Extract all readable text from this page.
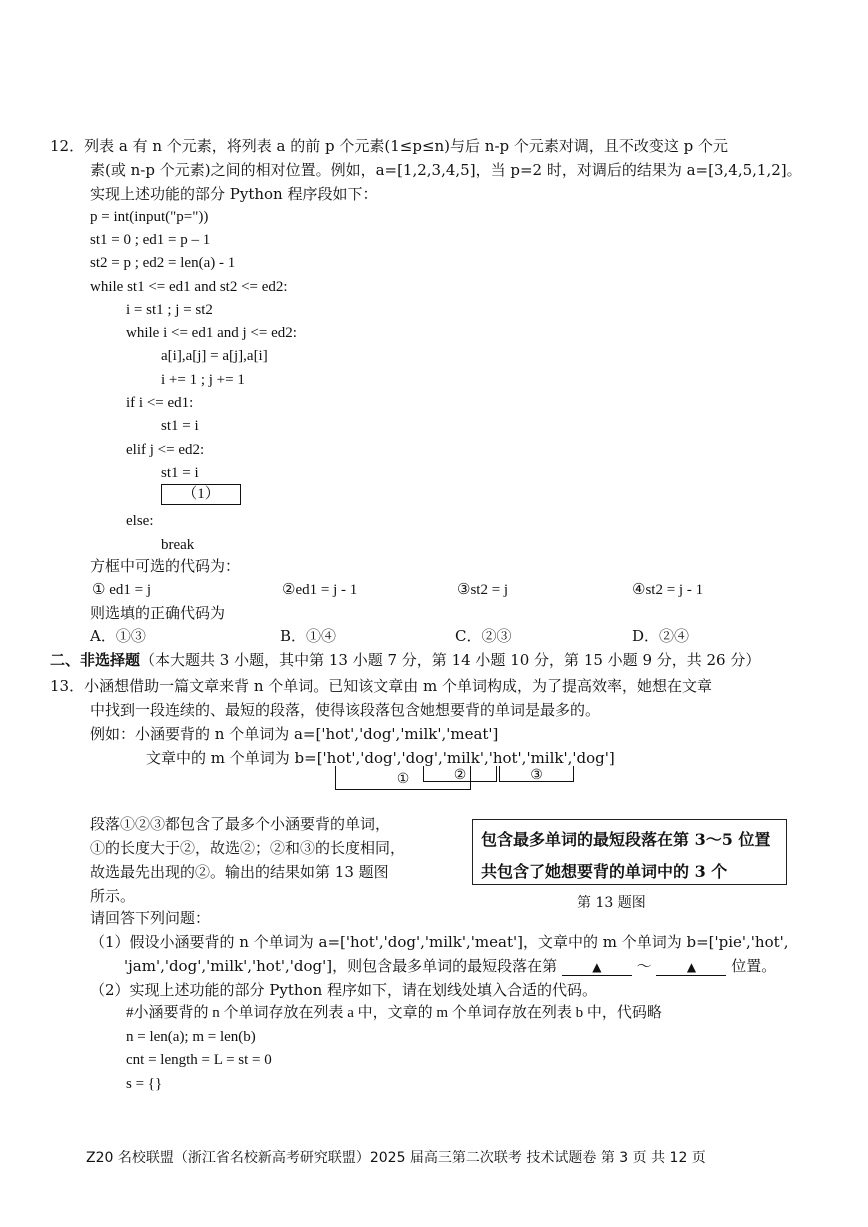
12．列表 a 有 n 个元素，将列表 a 的前 p 个元素(1≤p≤n)与后 n-p 个元素对调，且不改变这 p 个元
素(或 n-p 个元素)之间的相对位置。例如，a=[1,2,3,4,5]，当 p=2 时，对调后的结果为 a=[3,4,5,1,2]。
实现上述功能的部分 Python 程序段如下：
p = int(input("p="))
st1 = 0 ; ed1 = p – 1
st2 = p ; ed2 = len(a) - 1
while st1 <= ed1 and st2 <= ed2:
i = st1 ; j = st2
while i <= ed1 and j <= ed2:
a[i],a[j] = a[j],a[i]
i += 1 ; j += 1
if i <= ed1:
st1 = i
elif j <= ed2:
st1 = i
（1）
else:
break
方框中可选的代码为：
① ed1 = j	②ed1 = j - 1	③st2 = j	④st2 = j - 1
则选填的正确代码为
A．①③	B．①④	C．②③	D．②④
二、非选择题（本大题共 3 小题，其中第 13 小题 7 分，第 14 小题 10 分，第 15 小题 9 分，共 26 分）
13．小涵想借助一篇文章来背 n 个单词。已知该文章由 m 个单词构成，为了提高效率，她想在文章
中找到一段连续的、最短的段落，使得该段落包含她想要背的单词是最多的。
例如：小涵要背的 n 个单词为 a=['hot','dog','milk','meat']
文章中的 m 个单词为 b=['hot','dog','dog','milk','hot','milk','dog']
①	②	③
段落①②③都包含了最多个小涵要背的单词，
①的长度大于②，故选②；②和③的长度相同，
故选最先出现的②。输出的结果如第 13 题图
所示。
包含最多单词的最短段落在第 3～5 位置
共包含了她想要背的单词中的 3 个
第 13 题图
请回答下列问题：
（1）假设小涵要背的 n 个单词为 a=['hot','dog','milk','meat']，文章中的 m 个单词为 b=['pie','hot',
'jam','dog','milk','hot','dog']，则包含最多单词的最短段落在第	▲ ～	▲ 位置。
（2）实现上述功能的部分 Python 程序如下，请在划线处填入合适的代码。
#小涵要背的 n 个单词存放在列表 a 中，文章的 m 个单词存放在列表 b 中，代码略
n = len(a); m = len(b)
cnt = length = L = st = 0
s = {}
Z20 名校联盟（浙江省名校新高考研究联盟）2025 届高三第二次联考 技术试题卷 第 3 页 共 12 页
